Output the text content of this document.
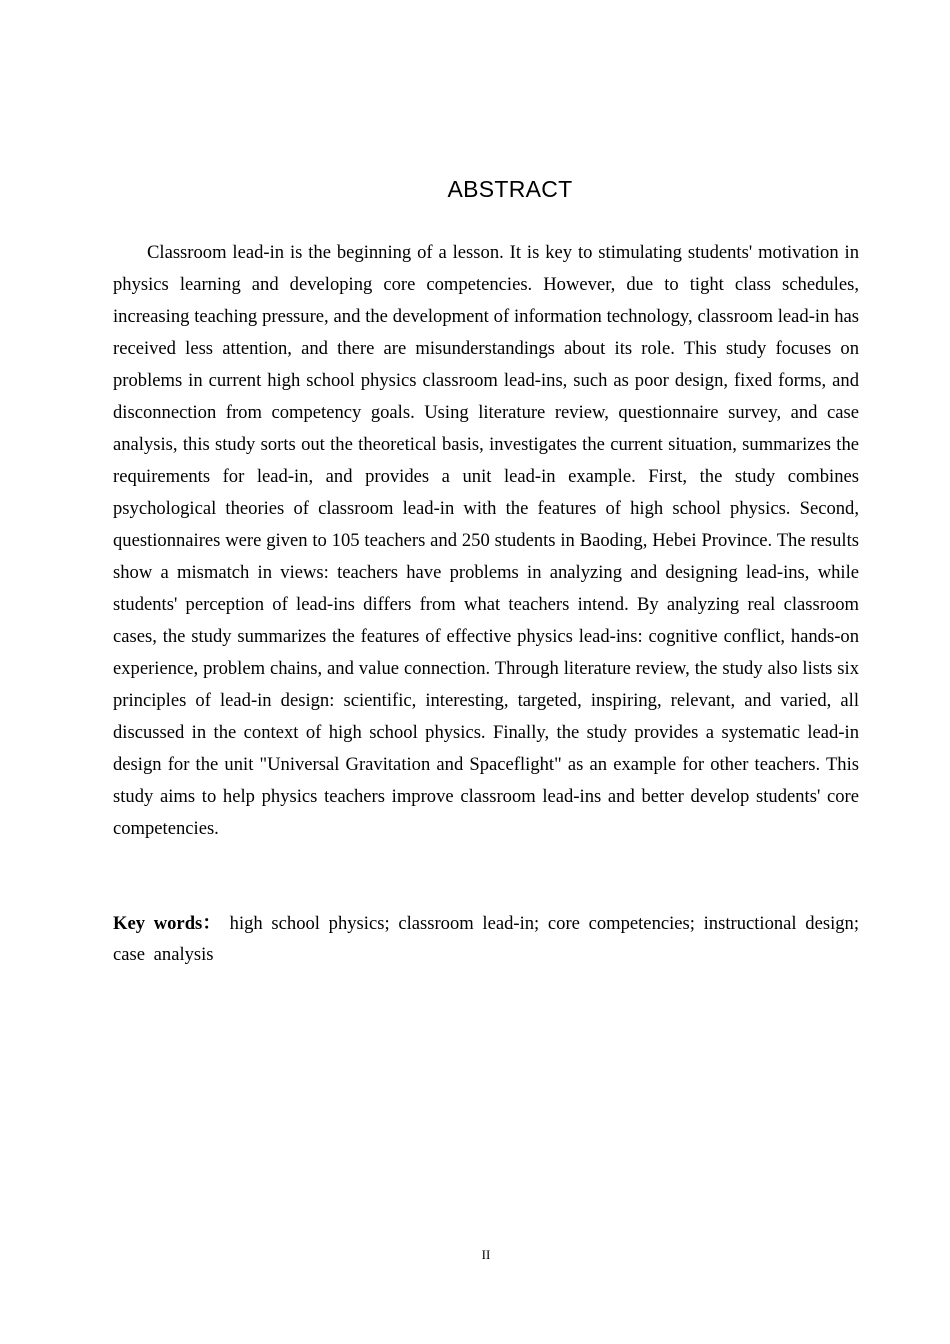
ABSTRACT

Classroom lead-in is the beginning of a lesson. It is key to stimulating students' motivation in physics learning and developing core competencies. However, due to tight class schedules, increasing teaching pressure, and the development of information technology, classroom lead-in has received less attention, and there are misunderstandings about its role. This study focuses on problems in current high school physics classroom lead-ins, such as poor design, fixed forms, and disconnection from competency goals. Using literature review, questionnaire survey, and case analysis, this study sorts out the theoretical basis, investigates the current situation, summarizes the requirements for lead-in, and provides a unit lead-in example. First, the study combines psychological theories of classroom lead-in with the features of high school physics. Second, questionnaires were given to 105 teachers and 250 students in Baoding, Hebei Province. The results show a mismatch in views: teachers have problems in analyzing and designing lead-ins, while students' perception of lead-ins differs from what teachers intend. By analyzing real classroom cases, the study summarizes the features of effective physics lead-ins: cognitive conflict, hands-on experience, problem chains, and value connection. Through literature review, the study also lists six principles of lead-in design: scientific, interesting, targeted, inspiring, relevant, and varied, all discussed in the context of high school physics. Finally, the study provides a systematic lead-in design for the unit "Universal Gravitation and Spaceflight" as an example for other teachers. This study aims to help physics teachers improve classroom lead-ins and better develop students' core competencies.

Key words： high school physics; classroom lead-in; core competencies; instructional design; case analysis

II
